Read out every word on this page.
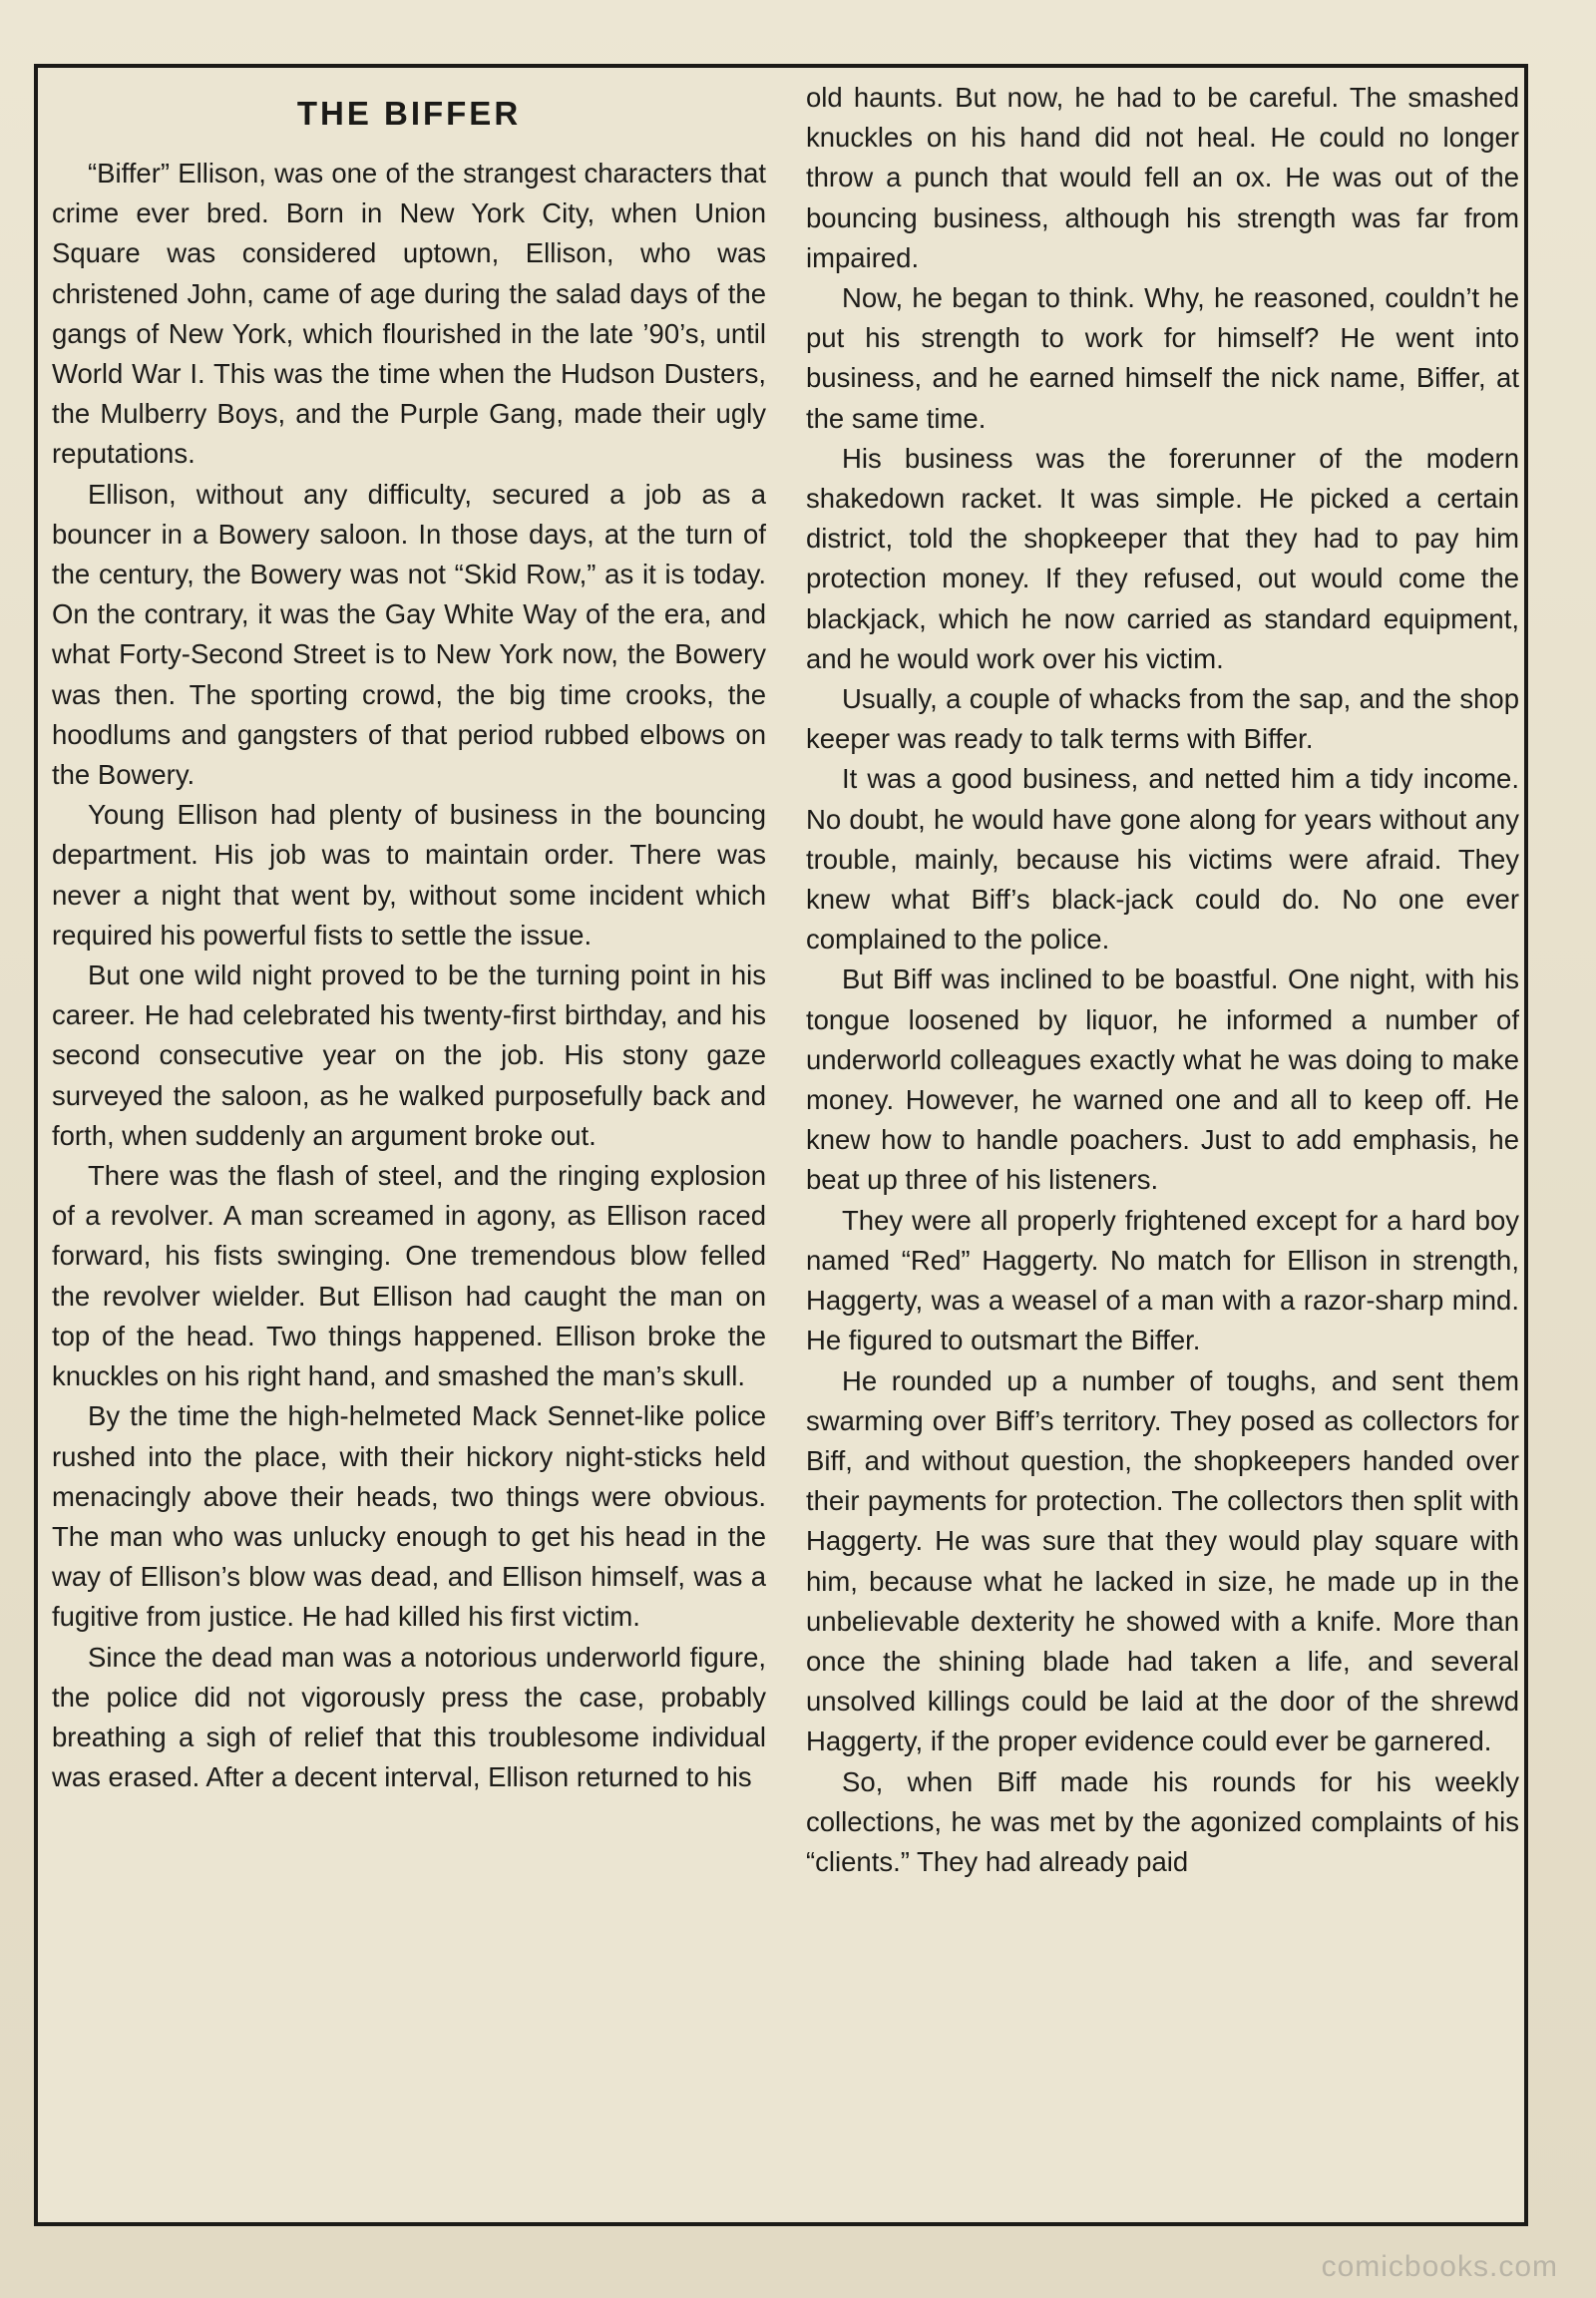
THE BIFFER

“Biffer” Ellison, was one of the strangest characters that crime ever bred. Born in New York City, when Union Square was considered uptown, Ellison, who was christened John, came of age during the salad days of the gangs of New York, which flourished in the late ’90’s, until World War I. This was the time when the Hudson Dusters, the Mulberry Boys, and the Purple Gang, made their ugly reputations.

Ellison, without any difficulty, secured a job as a bouncer in a Bowery saloon. In those days, at the turn of the century, the Bowery was not “Skid Row,” as it is today. On the contrary, it was the Gay White Way of the era, and what Forty-Second Street is to New York now, the Bowery was then. The sporting crowd, the big time crooks, the hoodlums and gangsters of that period rubbed elbows on the Bowery.

Young Ellison had plenty of business in the bouncing department. His job was to maintain order. There was never a night that went by, without some incident which required his powerful fists to settle the issue.

But one wild night proved to be the turning point in his career. He had celebrated his twenty-first birthday, and his second consecutive year on the job. His stony gaze surveyed the saloon, as he walked purposefully back and forth, when suddenly an argument broke out.

There was the flash of steel, and the ringing explosion of a revolver. A man screamed in agony, as Ellison raced forward, his fists swinging. One tremendous blow felled the revolver wielder. But Ellison had caught the man on top of the head. Two things happened. Ellison broke the knuckles on his right hand, and smashed the man’s skull.

By the time the high-helmeted Mack Sennet-like police rushed into the place, with their hickory night-sticks held menacingly above their heads, two things were obvious. The man who was unlucky enough to get his head in the way of Ellison’s blow was dead, and Ellison himself, was a fugitive from justice. He had killed his first victim.

Since the dead man was a notorious underworld figure, the police did not vigorously press the case, probably breathing a sigh of relief that this troublesome individual was erased. After a decent interval, Ellison returned to his

old haunts. But now, he had to be careful. The smashed knuckles on his hand did not heal. He could no longer throw a punch that would fell an ox. He was out of the bouncing business, although his strength was far from impaired.

Now, he began to think. Why, he reasoned, couldn’t he put his strength to work for himself? He went into business, and he earned himself the nick name, Biffer, at the same time.

His business was the forerunner of the modern shakedown racket. It was simple. He picked a certain district, told the shopkeeper that they had to pay him protection money. If they refused, out would come the blackjack, which he now carried as standard equipment, and he would work over his victim.

Usually, a couple of whacks from the sap, and the shop keeper was ready to talk terms with Biffer.

It was a good business, and netted him a tidy income. No doubt, he would have gone along for years without any trouble, mainly, because his victims were afraid. They knew what Biff’s black-jack could do. No one ever complained to the police.

But Biff was inclined to be boastful. One night, with his tongue loosened by liquor, he informed a number of underworld colleagues exactly what he was doing to make money. However, he warned one and all to keep off. He knew how to handle poachers. Just to add emphasis, he beat up three of his listeners.

They were all properly frightened except for a hard boy named “Red” Haggerty. No match for Ellison in strength, Haggerty, was a weasel of a man with a razor-sharp mind. He figured to outsmart the Biffer.

He rounded up a number of toughs, and sent them swarming over Biff’s territory. They posed as collectors for Biff, and without question, the shopkeepers handed over their payments for protection. The collectors then split with Haggerty. He was sure that they would play square with him, because what he lacked in size, he made up in the unbelievable dexterity he showed with a knife. More than once the shining blade had taken a life, and several unsolved killings could be laid at the door of the shrewd Haggerty, if the proper evidence could ever be garnered.

So, when Biff made his rounds for his weekly collections, he was met by the agonized complaints of his “clients.” They had already paid

comicbooks.com
